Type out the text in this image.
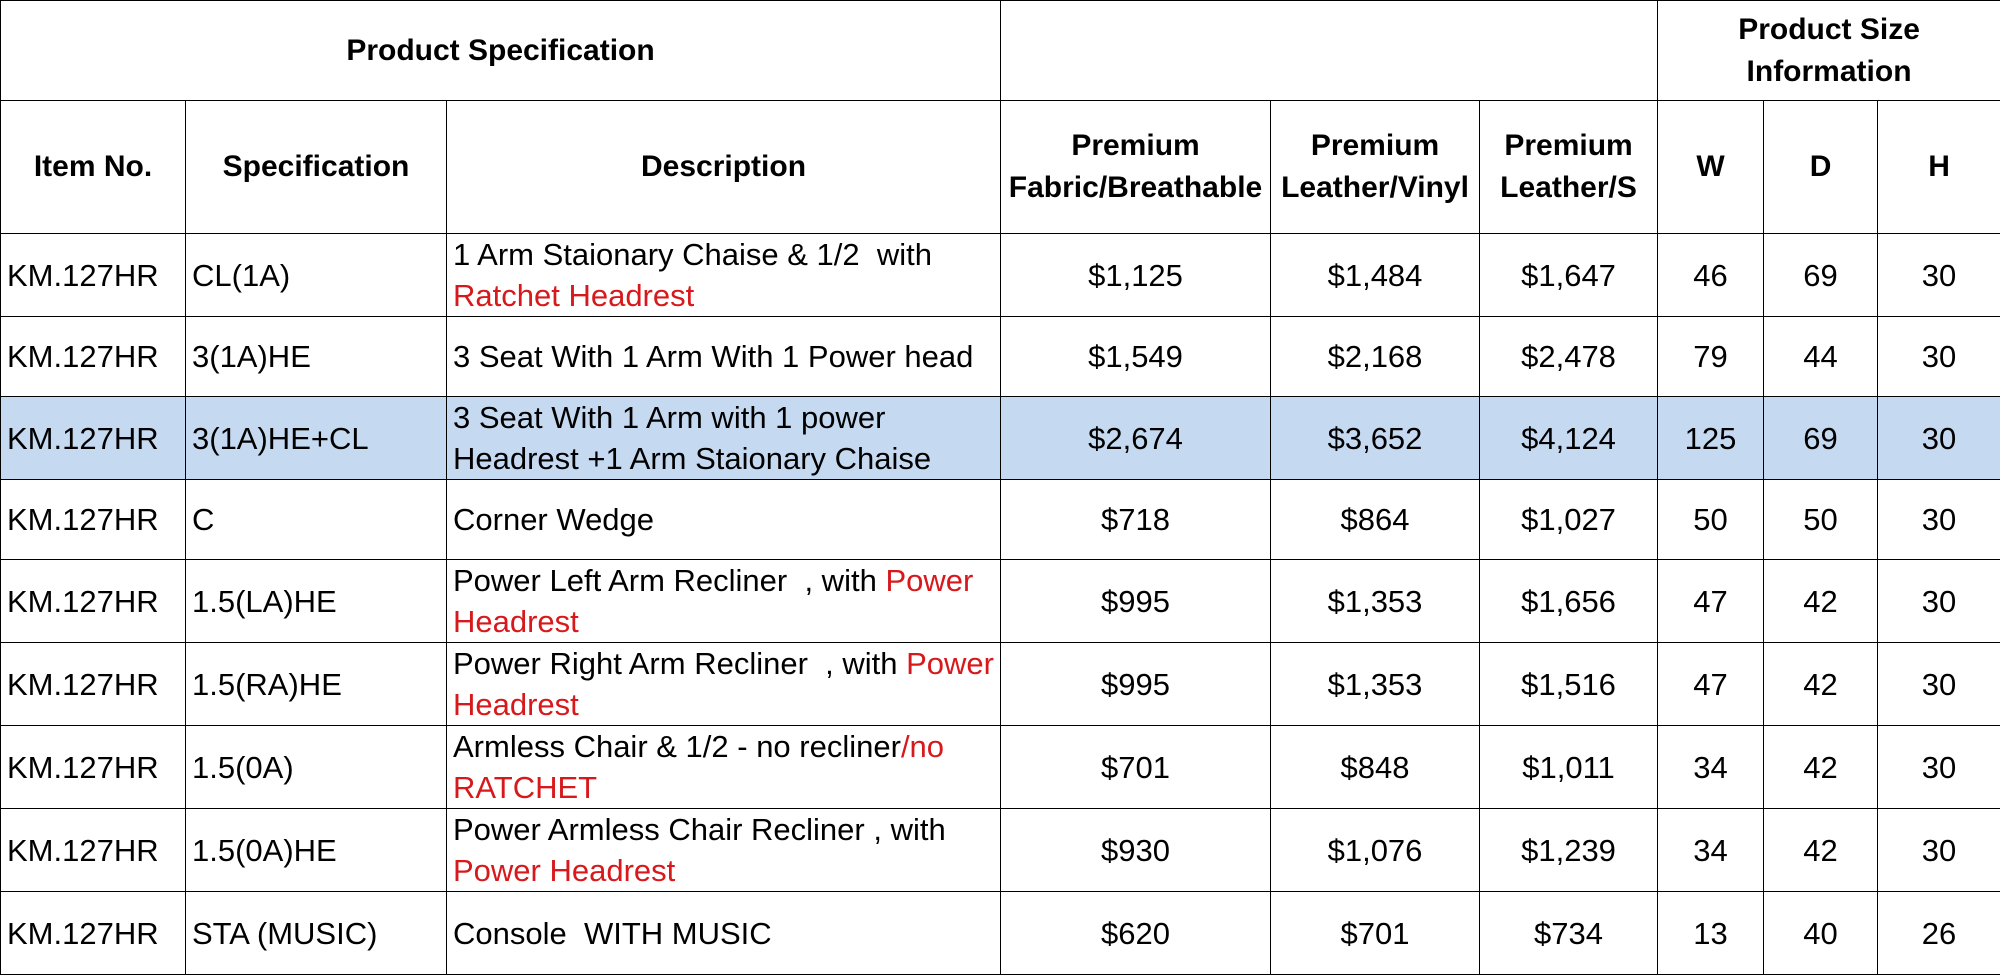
Product Specification						Product Size Information		
Item No.	Specification	Description	Premium Fabric/Breathable	Premium Leather/Vinyl	Premium Leather/S	W	D	H
KM.127HR	CL(1A)	1 Arm Staionary Chaise & 1/2  with Ratchet Headrest	$1,125	$1,484	$1,647	46	69	30
KM.127HR	3(1A)HE	3 Seat With 1 Arm With 1 Power head	$1,549	$2,168	$2,478	79	44	30
KM.127HR	3(1A)HE+CL	3 Seat With 1 Arm with 1 power Headrest +1 Arm Staionary Chaise	$2,674	$3,652	$4,124	125	69	30
KM.127HR	C	Corner Wedge	$718	$864	$1,027	50	50	30
KM.127HR	1.5(LA)HE	Power Left Arm Recliner  , with Power Headrest	$995	$1,353	$1,656	47	42	30
KM.127HR	1.5(RA)HE	Power Right Arm Recliner  , with Power Headrest	$995	$1,353	$1,516	47	42	30
KM.127HR	1.5(0A)	Armless Chair & 1/2 - no recliner/no RATCHET	$701	$848	$1,011	34	42	30
KM.127HR	1.5(0A)HE	Power Armless Chair Recliner , with Power Headrest	$930	$1,076	$1,239	34	42	30
KM.127HR	STA (MUSIC)	Console  WITH MUSIC	$620	$701	$734	13	40	26
